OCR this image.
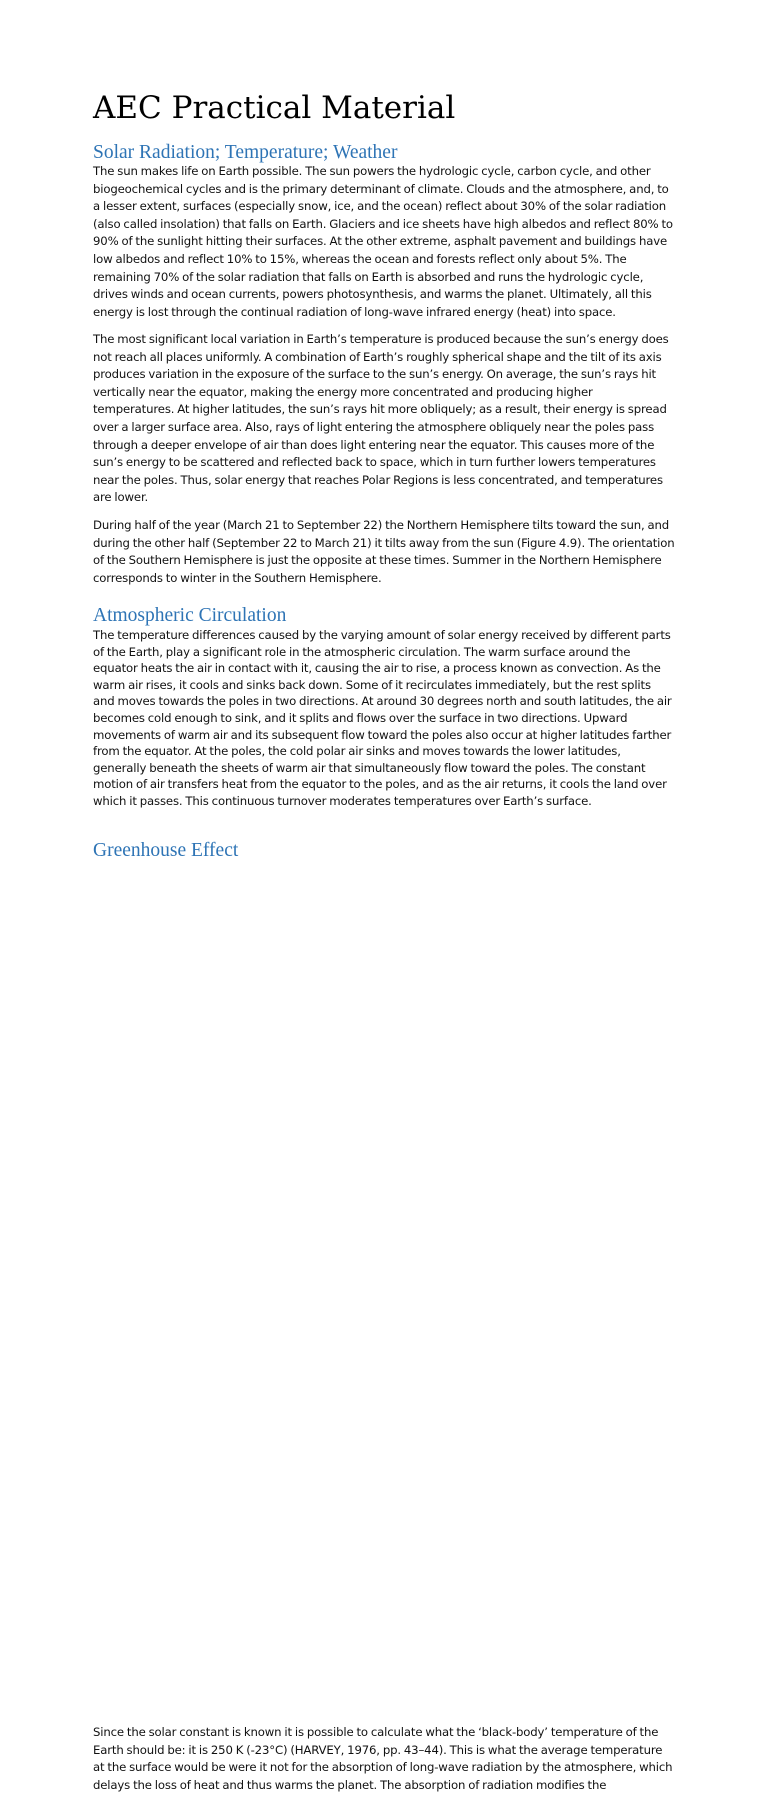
AEC Practical Material
Solar Radiation; Temperature; Weather

The sun makes life on Earth possible. The sun powers the hydrologic cycle, carbon cycle, and other biogeochemical cycles and is the primary determinant of climate. Clouds and the atmosphere, and, to a lesser extent, surfaces (especially snow, ice, and the ocean) reflect about 30% of the solar radiation (also called insolation) that falls on Earth. Glaciers and ice sheets have high albedos and reflect 80% to 90% of the sunlight hitting their surfaces. At the other extreme, asphalt pavement and buildings have low albedos and reflect 10% to 15%, whereas the ocean and forests reflect only about 5%. The remaining 70% of the solar radiation that falls on Earth is absorbed and runs the hydrologic cycle, drives winds and ocean currents, powers photosynthesis, and warms the planet. Ultimately, all this energy is lost through the continual radiation of long-wave infrared energy (heat) into space.

The most significant local variation in Earth’s temperature is produced because the sun’s energy does not reach all places uniformly. A combination of Earth’s roughly spherical shape and the tilt of its axis produces variation in the exposure of the surface to the sun’s energy. On average, the sun’s rays hit vertically near the equator, making the energy more concentrated and producing higher temperatures. At higher latitudes, the sun’s rays hit more obliquely; as a result, their energy is spread over a larger surface area. Also, rays of light entering the atmosphere obliquely near the poles pass through a deeper envelope of air than does light entering near the equator. This causes more of the sun’s energy to be scattered and reflected back to space, which in turn further lowers temperatures near the poles. Thus, solar energy that reaches Polar Regions is less concentrated, and temperatures are lower.

During half of the year (March 21 to September 22) the Northern Hemisphere tilts toward the sun, and during the other half (September 22 to March 21) it tilts away from the sun (Figure 4.9). The orientation of the Southern Hemisphere is just the opposite at these times. Summer in the Northern Hemisphere corresponds to winter in the Southern Hemisphere.

Atmospheric Circulation

The temperature differences caused by the varying amount of solar energy received by different parts of the Earth, play a significant role in the atmospheric circulation. The warm surface around the equator heats the air in contact with it, causing the air to rise, a process known as convection. As the warm air rises, it cools and sinks back down. Some of it recirculates immediately, but the rest splits and moves towards the poles in two directions. At around 30 degrees north and south latitudes, the air becomes cold enough to sink, and it splits and flows over the surface in two directions. Upward movements of warm air and its subsequent flow toward the poles also occur at higher latitudes farther from the equator. At the poles, the cold polar air sinks and moves towards the lower latitudes, generally beneath the sheets of warm air that simultaneously flow toward the poles. The constant motion of air transfers heat from the equator to the poles, and as the air returns, it cools the land over which it passes. This continuous turnover moderates temperatures over Earth’s surface.

Greenhouse Effect

Since the solar constant is known it is possible to calculate what the ‘black-body’ temperature of the Earth should be: it is 250 K (-23°C) (HARVEY, 1976, pp. 43–44). This is what the average temperature at the surface would be were it not for the absorption of long-wave radiation by the atmosphere, which delays the loss of heat and thus warms the planet. The absorption of radiation modifies the
